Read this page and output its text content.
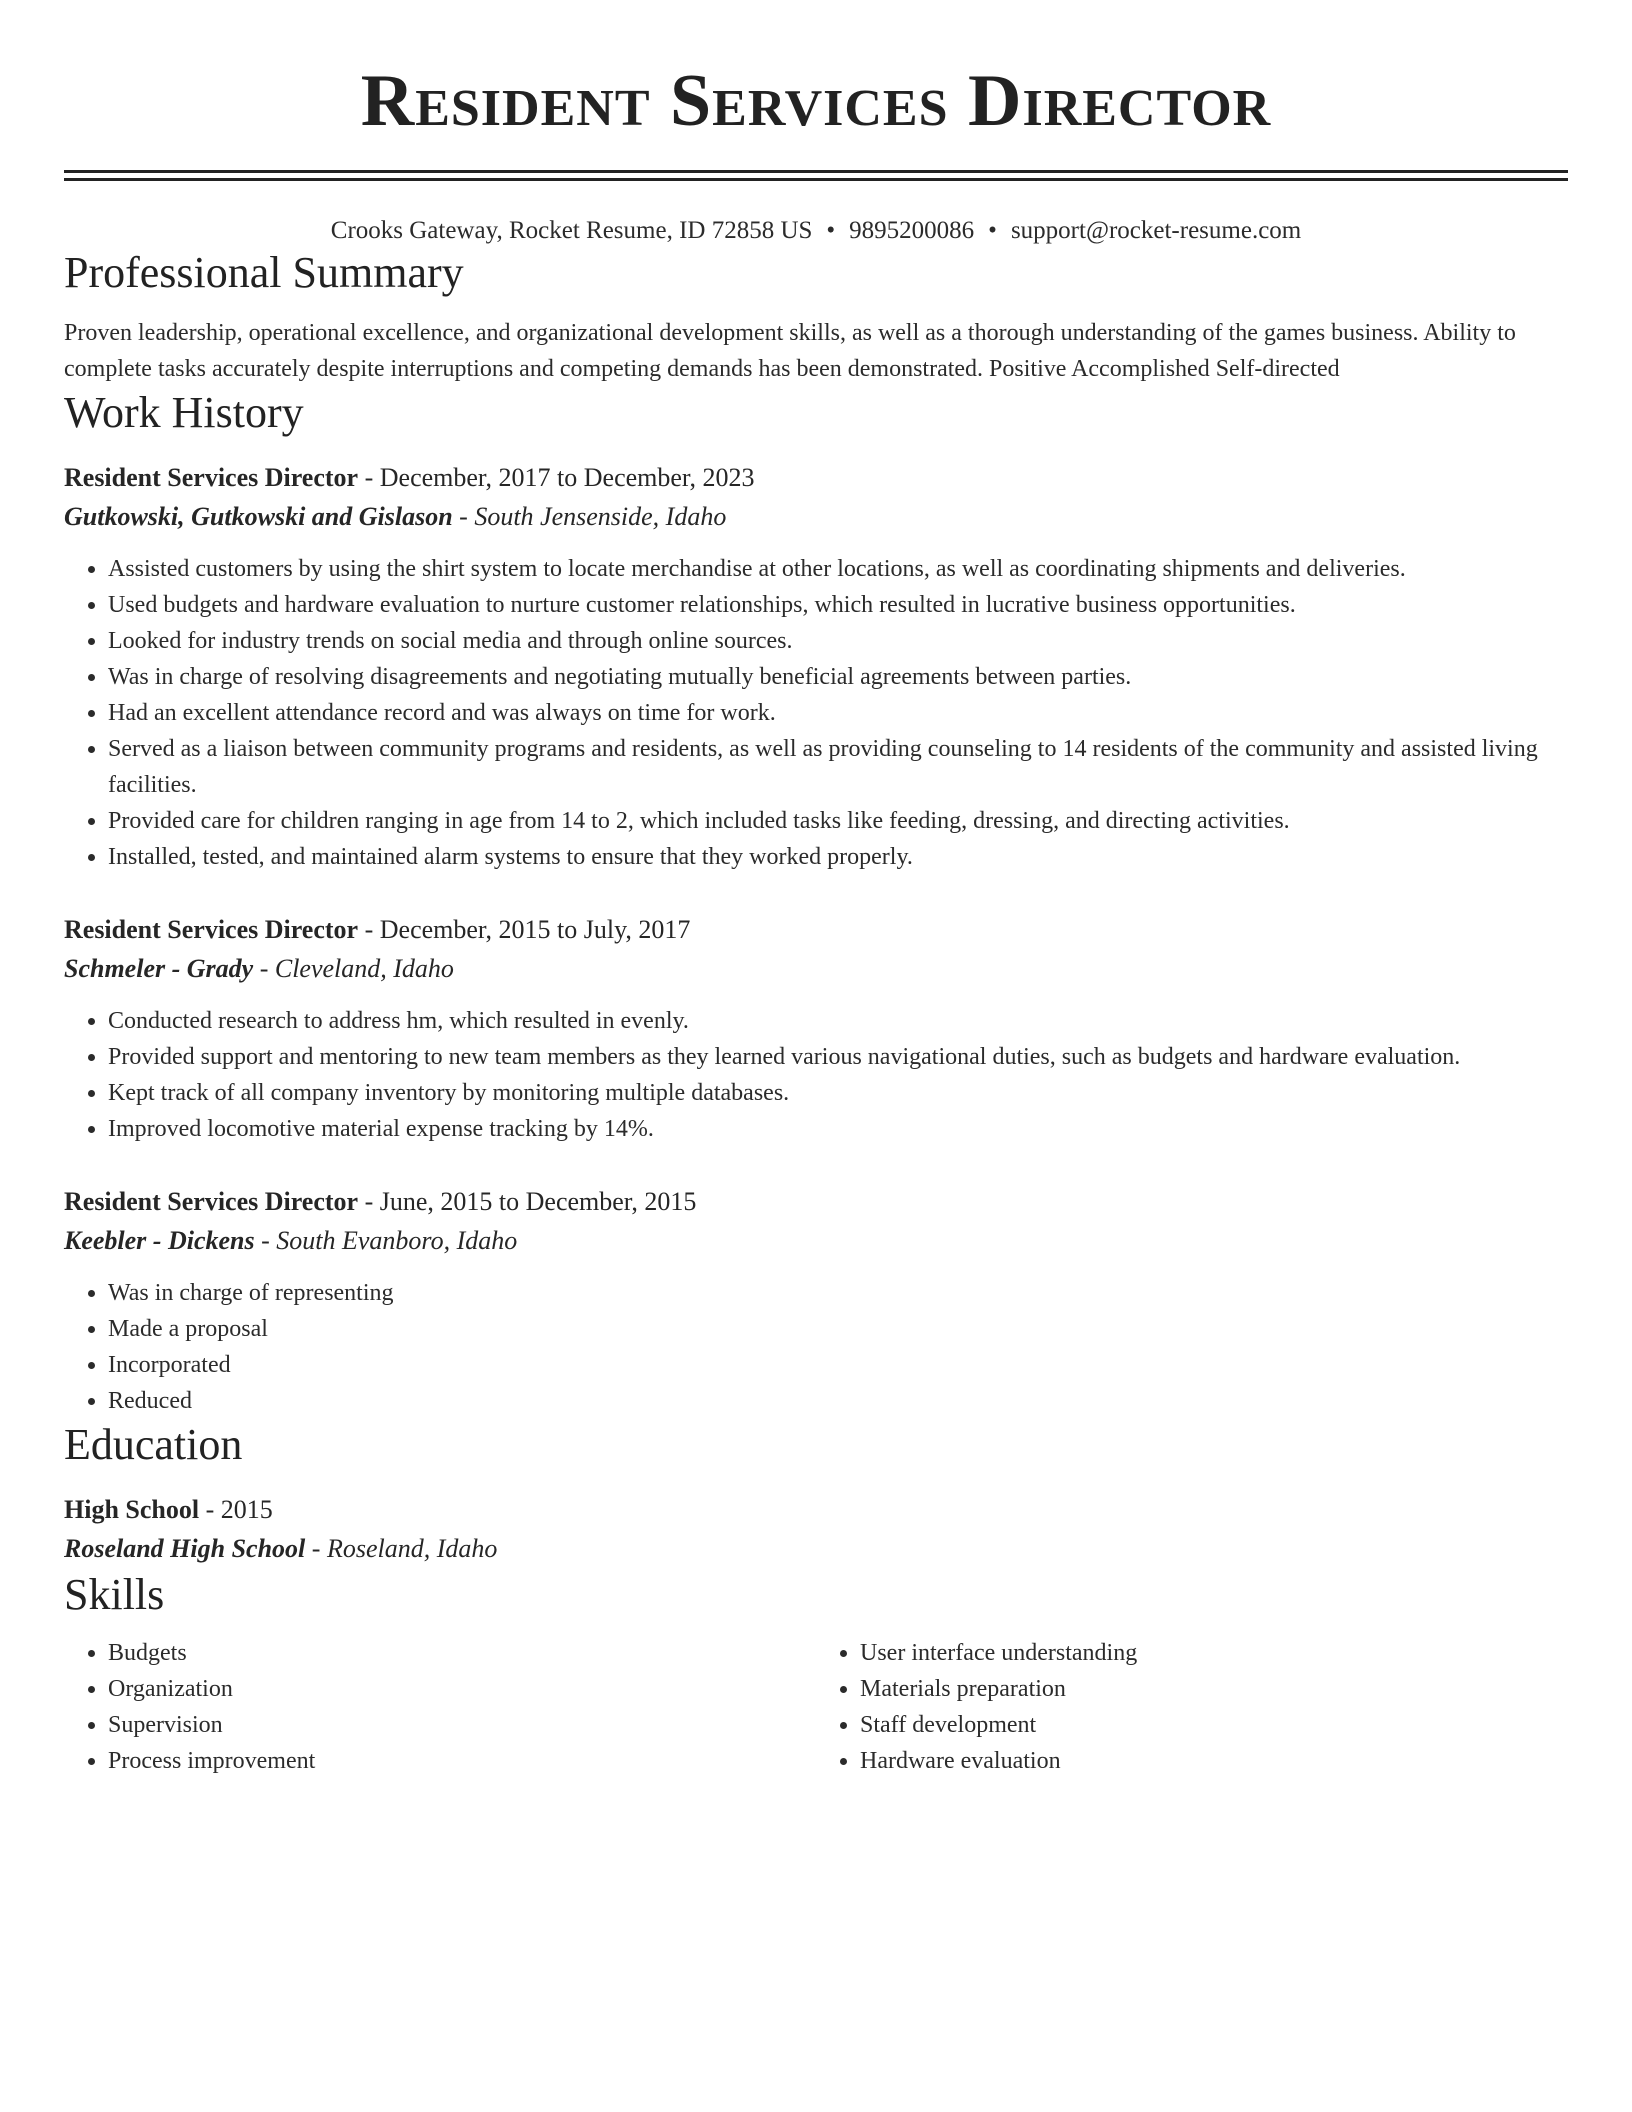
Resident Services Director
Crooks Gateway, Rocket Resume, ID 72858 US • 9895200086 • support@rocket-resume.com
Professional Summary

Proven leadership, operational excellence, and organizational development skills, as well as a thorough understanding of the games business. Ability to complete tasks accurately despite interruptions and competing demands has been demonstrated. Positive Accomplished Self-directed

Work History
Resident Services Director - December, 2017 to December, 2023
Gutkowski, Gutkowski and Gislason - South Jensenside, Idaho
• Assisted customers by using the shirt system to locate merchandise at other locations, as well as coordinating shipments and deliveries.
• Used budgets and hardware evaluation to nurture customer relationships, which resulted in lucrative business opportunities.
• Looked for industry trends on social media and through online sources.
• Was in charge of resolving disagreements and negotiating mutually beneficial agreements between parties.
• Had an excellent attendance record and was always on time for work.
• Served as a liaison between community programs and residents, as well as providing counseling to 14 residents of the community and assisted living facilities.
• Provided care for children ranging in age from 14 to 2, which included tasks like feeding, dressing, and directing activities.
• Installed, tested, and maintained alarm systems to ensure that they worked properly.
Resident Services Director - December, 2015 to July, 2017
Schmeler - Grady - Cleveland, Idaho
• Conducted research to address hm, which resulted in evenly.
• Provided support and mentoring to new team members as they learned various navigational duties, such as budgets and hardware evaluation.
• Kept track of all company inventory by monitoring multiple databases.
• Improved locomotive material expense tracking by 14%.
Resident Services Director - June, 2015 to December, 2015
Keebler - Dickens - South Evanboro, Idaho
• Was in charge of representing
• Made a proposal
• Incorporated
• Reduced
Education
High School - 2015
Roseland High School - Roseland, Idaho
Skills
• Budgets
• Organization
• Supervision
• Process improvement
• User interface understanding
• Materials preparation
• Staff development
• Hardware evaluation
